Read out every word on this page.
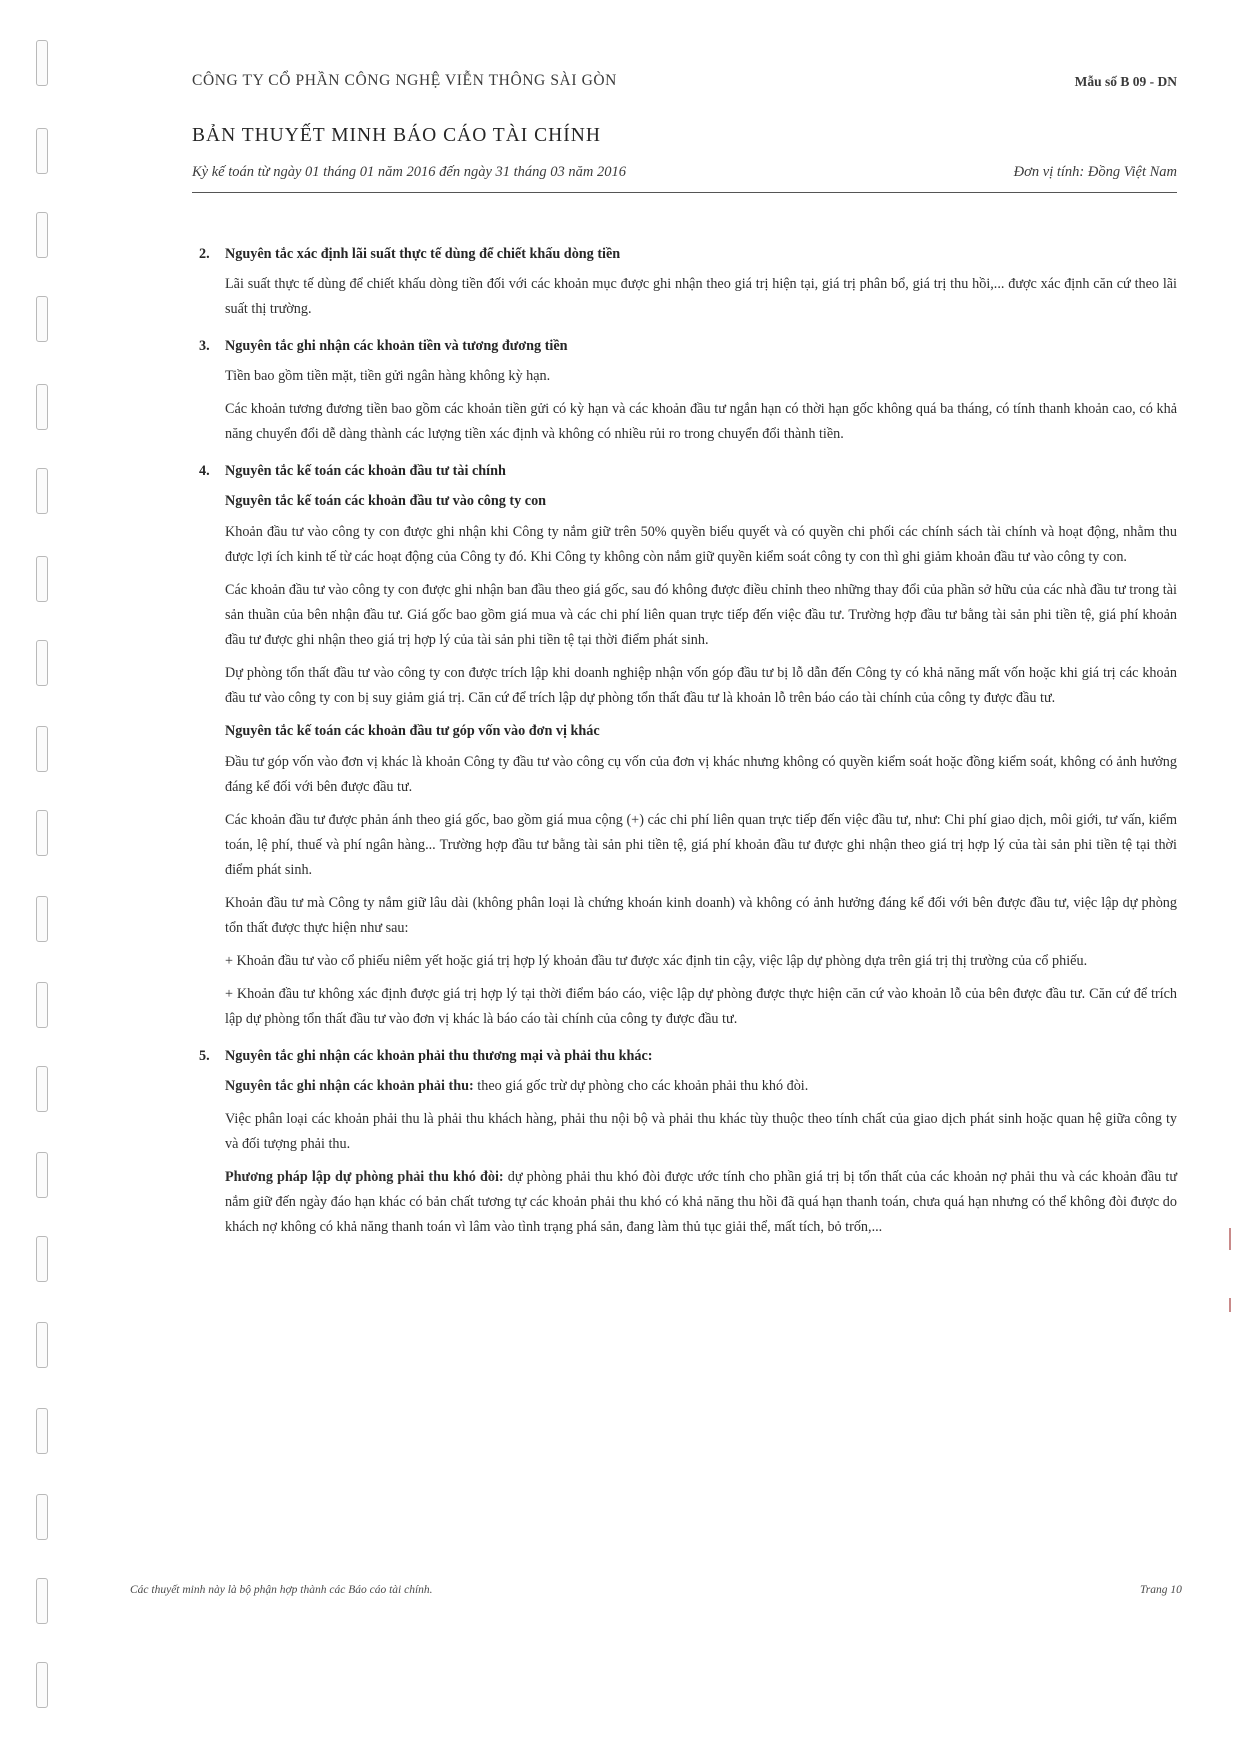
CÔNG TY CỔ PHẦN CÔNG NGHỆ VIỄN THÔNG SÀI GÒN	Mẫu số B 09 - DN
BẢN THUYẾT MINH BÁO CÁO TÀI CHÍNH
Kỳ kế toán từ ngày 01 tháng 01 năm 2016 đến ngày 31 tháng 03 năm 2016	Đơn vị tính: Đồng Việt Nam
2. Nguyên tắc xác định lãi suất thực tế dùng để chiết khấu dòng tiền

Lãi suất thực tế dùng để chiết khấu dòng tiền đối với các khoản mục được ghi nhận theo giá trị hiện tại, giá trị phân bổ, giá trị thu hồi,... được xác định căn cứ theo lãi suất thị trường.

3. Nguyên tắc ghi nhận các khoản tiền và tương đương tiền

Tiền bao gồm tiền mặt, tiền gửi ngân hàng không kỳ hạn.

Các khoản tương đương tiền bao gồm các khoản tiền gửi có kỳ hạn và các khoản đầu tư ngắn hạn có thời hạn gốc không quá ba tháng, có tính thanh khoản cao, có khả năng chuyển đổi dễ dàng thành các lượng tiền xác định và không có nhiều rủi ro trong chuyển đổi thành tiền.

4. Nguyên tắc kế toán các khoản đầu tư tài chính
Nguyên tắc kế toán các khoản đầu tư vào công ty con

Khoản đầu tư vào công ty con được ghi nhận khi Công ty nắm giữ trên 50% quyền biểu quyết và có quyền chi phối các chính sách tài chính và hoạt động, nhằm thu được lợi ích kinh tế từ các hoạt động của Công ty đó. Khi Công ty không còn nắm giữ quyền kiểm soát công ty con thì ghi giảm khoản đầu tư vào công ty con.

Các khoản đầu tư vào công ty con được ghi nhận ban đầu theo giá gốc, sau đó không được điều chỉnh theo những thay đổi của phần sở hữu của các nhà đầu tư trong tài sản thuần của bên nhận đầu tư. Giá gốc bao gồm giá mua và các chi phí liên quan trực tiếp đến việc đầu tư. Trường hợp đầu tư bằng tài sản phi tiền tệ, giá phí khoản đầu tư được ghi nhận theo giá trị hợp lý của tài sản phi tiền tệ tại thời điểm phát sinh.

Dự phòng tổn thất đầu tư vào công ty con được trích lập khi doanh nghiệp nhận vốn góp đầu tư bị lỗ dẫn đến Công ty có khả năng mất vốn hoặc khi giá trị các khoản đầu tư vào công ty con bị suy giảm giá trị. Căn cứ để trích lập dự phòng tổn thất đầu tư là khoản lỗ trên báo cáo tài chính của công ty được đầu tư.

Nguyên tắc kế toán các khoản đầu tư góp vốn vào đơn vị khác

Đầu tư góp vốn vào đơn vị khác là khoản Công ty đầu tư vào công cụ vốn của đơn vị khác nhưng không có quyền kiểm soát hoặc đồng kiểm soát, không có ảnh hưởng đáng kể đối với bên được đầu tư.

Các khoản đầu tư được phản ánh theo giá gốc, bao gồm giá mua cộng (+) các chi phí liên quan trực tiếp đến việc đầu tư, như: Chi phí giao dịch, môi giới, tư vấn, kiểm toán, lệ phí, thuế và phí ngân hàng... Trường hợp đầu tư bằng tài sản phi tiền tệ, giá phí khoản đầu tư được ghi nhận theo giá trị hợp lý của tài sản phi tiền tệ tại thời điểm phát sinh.

Khoản đầu tư mà Công ty nắm giữ lâu dài (không phân loại là chứng khoán kinh doanh) và không có ảnh hưởng đáng kể đối với bên được đầu tư, việc lập dự phòng tổn thất được thực hiện như sau:

+ Khoản đầu tư vào cổ phiếu niêm yết hoặc giá trị hợp lý khoản đầu tư được xác định tin cậy, việc lập dự phòng dựa trên giá trị thị trường của cổ phiếu.

+ Khoản đầu tư không xác định được giá trị hợp lý tại thời điểm báo cáo, việc lập dự phòng được thực hiện căn cứ vào khoản lỗ của bên được đầu tư. Căn cứ để trích lập dự phòng tổn thất đầu tư vào đơn vị khác là báo cáo tài chính của công ty được đầu tư.

5. Nguyên tắc ghi nhận các khoản phải thu thương mại và phải thu khác:

Nguyên tắc ghi nhận các khoản phải thu: theo giá gốc trừ dự phòng cho các khoản phải thu khó đòi.

Việc phân loại các khoản phải thu là phải thu khách hàng, phải thu nội bộ và phải thu khác tùy thuộc theo tính chất của giao dịch phát sinh hoặc quan hệ giữa công ty và đối tượng phải thu.

Phương pháp lập dự phòng phải thu khó đòi: dự phòng phải thu khó đòi được ước tính cho phần giá trị bị tổn thất của các khoản nợ phải thu và các khoản đầu tư nắm giữ đến ngày đáo hạn khác có bản chất tương tự các khoản phải thu khó có khả năng thu hồi đã quá hạn thanh toán, chưa quá hạn nhưng có thể không đòi được do khách nợ không có khả năng thanh toán vì lâm vào tình trạng phá sản, đang làm thủ tục giải thể, mất tích, bỏ trốn,...

Các thuyết minh này là bộ phận hợp thành các Báo cáo tài chính.	Trang 10
